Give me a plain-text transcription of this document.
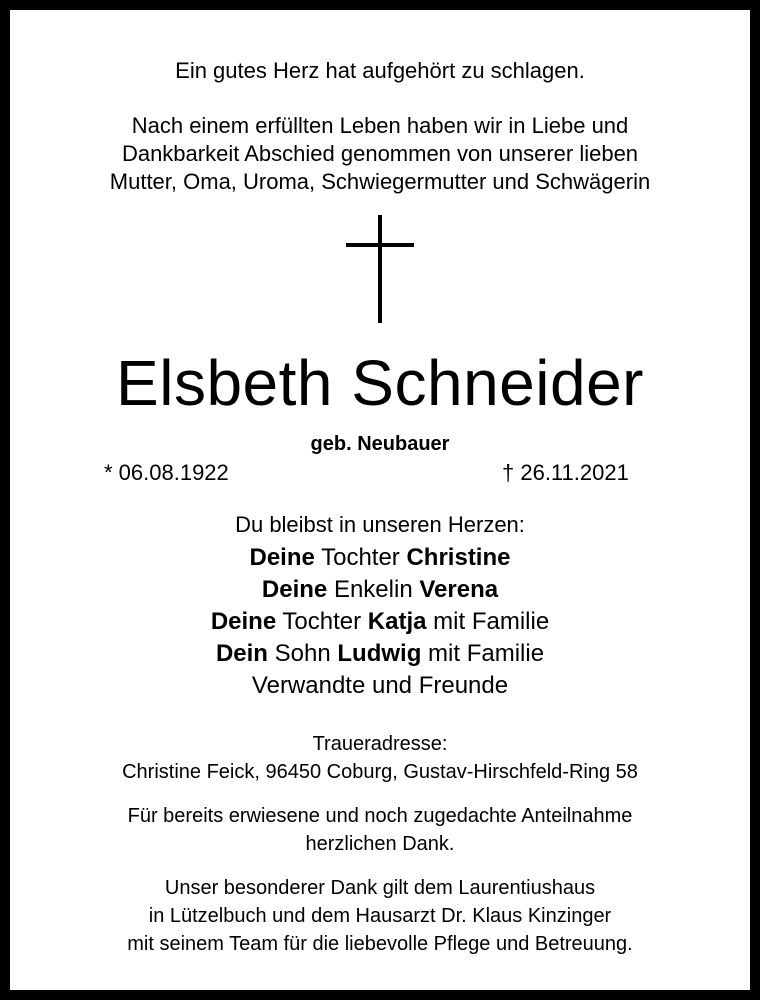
Ein gutes Herz hat aufgehört zu schlagen.
Nach einem erfüllten Leben haben wir in Liebe und
Dankbarkeit Abschied genommen von unserer lieben
Mutter, Oma, Uroma, Schwiegermutter und Schwägerin
Elsbeth Schneider
geb. Neubauer
* 06.08.1922	† 26.11.2021
Du bleibst in unseren Herzen:
Deine Tochter Christine
Deine Enkelin Verena
Deine Tochter Katja mit Familie
Dein Sohn Ludwig mit Familie
Verwandte und Freunde
Traueradresse:
Christine Feick, 96450 Coburg, Gustav-Hirschfeld-Ring 58
Für bereits erwiesene und noch zugedachte Anteilnahme
herzlichen Dank.
Unser besonderer Dank gilt dem Laurentiushaus
in Lützelbuch und dem Hausarzt Dr. Klaus Kinzinger
mit seinem Team für die liebevolle Pflege und Betreuung.
